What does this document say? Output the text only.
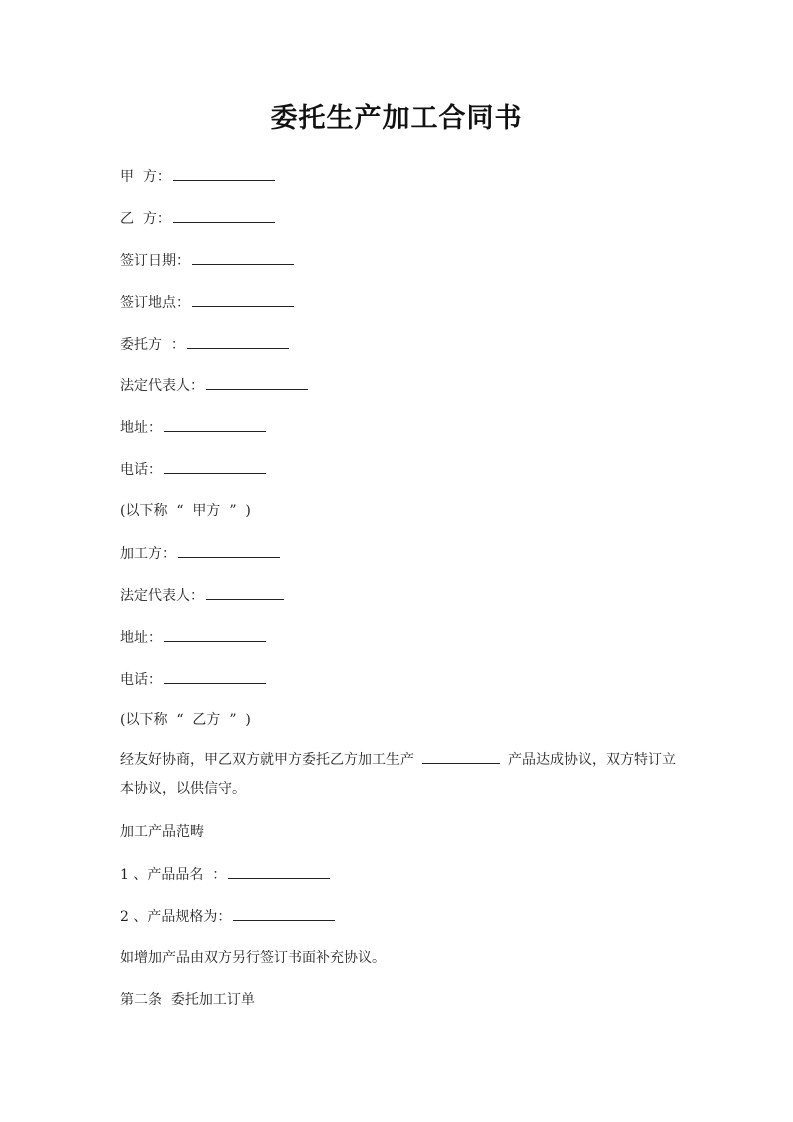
委托生产加工合同书
甲  方：
乙  方：
签订日期：
签订地点：
委托方  ：
法定代表人：
地址：
电话：
(以下称  “  甲方  ”  )
加工方：
法定代表人：
地址：
电话：
(以下称  “  乙方  ”  )
经友好协商，甲乙双方就甲方委托乙方加工生产	产品达成协议，双方特订立本协议，以供信守。
加工产品范畴
1 、产品品名  ：
2 、产品规格为：
如增加产品由双方另行签订书面补充协议。
第二条  委托加工订单
